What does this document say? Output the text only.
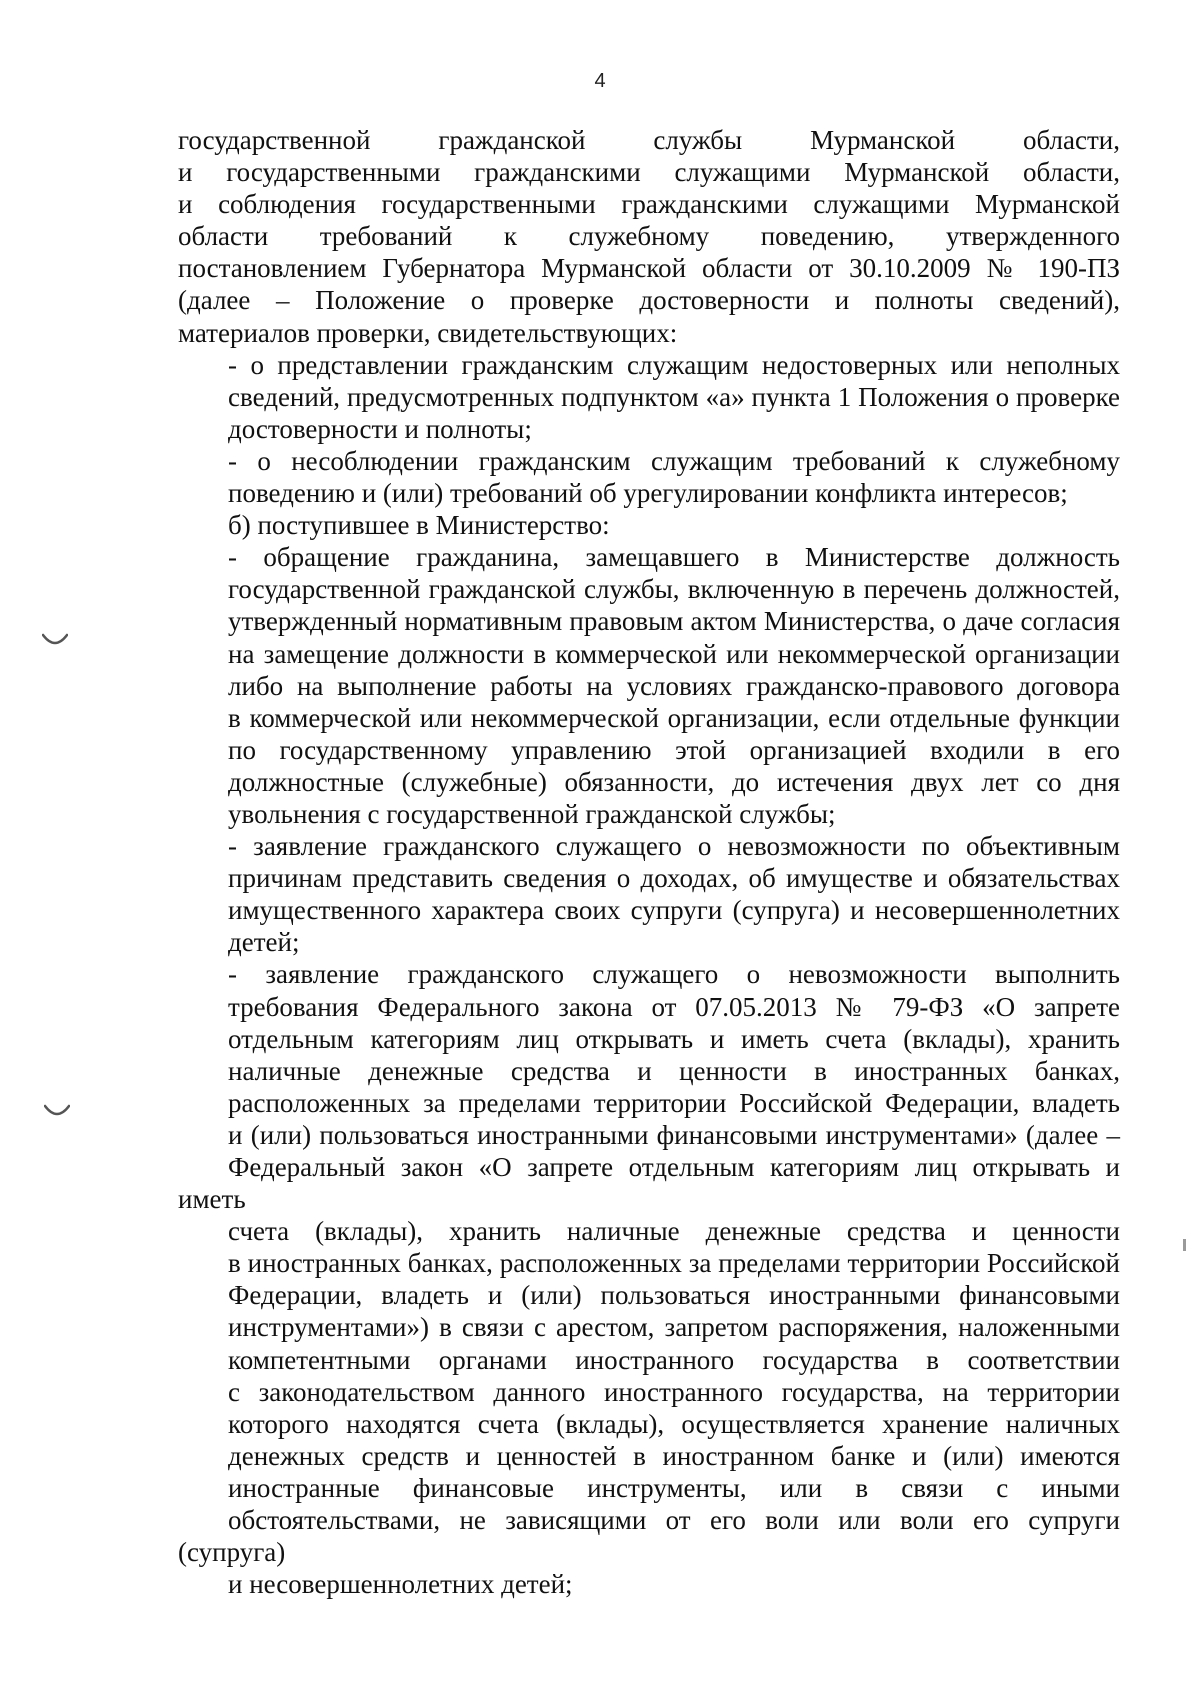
4

государственной гражданской службы Мурманской области,
и государственными гражданскими служащими Мурманской области,
и соблюдения государственными гражданскими служащими Мурманской
области требований к служебному поведению, утвержденного
постановлением Губернатора Мурманской области от 30.10.2009 № 190-ПЗ
(далее – Положение о проверке достоверности и полноты сведений),
материалов проверки, свидетельствующих:

- о представлении гражданским служащим недостоверных или неполных
сведений, предусмотренных подпунктом «а» пункта 1 Положения о проверке
достоверности и полноты;

- о несоблюдении гражданским служащим требований к служебному
поведению и (или) требований об урегулировании конфликта интересов;

б) поступившее в Министерство:

- обращение гражданина, замещавшего в Министерстве должность
государственной гражданской службы, включенную в перечень должностей,
утвержденный нормативным правовым актом Министерства, о даче согласия
на замещение должности в коммерческой или некоммерческой организации
либо на выполнение работы на условиях гражданско-правового договора
в коммерческой или некоммерческой организации, если отдельные функции
по государственному управлению этой организацией входили в его
должностные (служебные) обязанности, до истечения двух лет со дня
увольнения с государственной гражданской службы;

- заявление гражданского служащего о невозможности по объективным
причинам представить сведения о доходах, об имуществе и обязательствах
имущественного характера своих супруги (супруга) и несовершеннолетних
детей;

- заявление гражданского служащего о невозможности выполнить
требования Федерального закона от 07.05.2013 № 79-ФЗ «О запрете
отдельным категориям лиц открывать и иметь счета (вклады), хранить
наличные денежные средства и ценности в иностранных банках,
расположенных за пределами территории Российской Федерации, владеть
и (или) пользоваться иностранными финансовыми инструментами» (далее –
Федеральный закон «О запрете отдельным категориям лиц открывать и иметь
счета (вклады), хранить наличные денежные средства и ценности
в иностранных банках, расположенных за пределами территории Российской
Федерации, владеть и (или) пользоваться иностранными финансовыми
инструментами») в связи с арестом, запретом распоряжения, наложенными
компетентными органами иностранного государства в соответствии
с законодательством данного иностранного государства, на территории
которого находятся счета (вклады), осуществляется хранение наличных
денежных средств и ценностей в иностранном банке и (или) имеются
иностранные финансовые инструменты, или в связи с иными
обстоятельствами, не зависящими от его воли или воли его супруги (супруга)
и несовершеннолетних детей;
